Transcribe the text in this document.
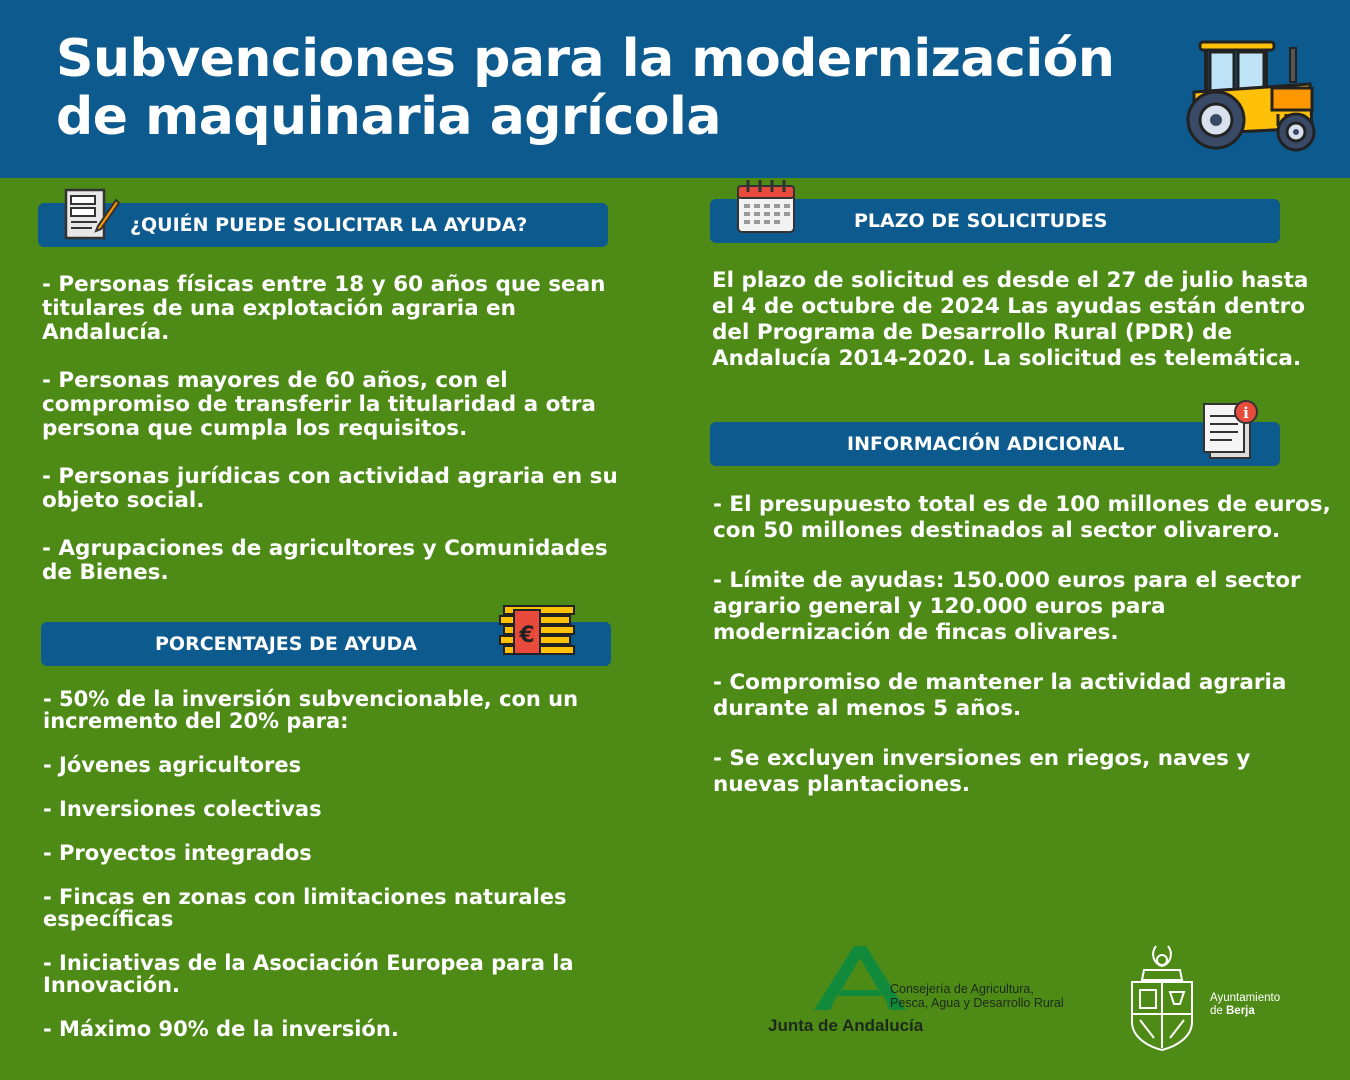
Subvenciones para la modernización
de maquinaria agrícola
¿QUIÉN PUEDE SOLICITAR LA AYUDA?

- Personas físicas entre 18 y 60 años que sean titulares de una explotación agraria en Andalucía.

- Personas mayores de 60 años, con el compromiso de transferir la titularidad a otra persona que cumpla los requisitos.

- Personas jurídicas con actividad agraria en su objeto social.

- Agrupaciones de agricultores y Comunidades de Bienes.

PORCENTAJES DE AYUDA	€

- 50% de la inversión subvencionable, con un incremento del 20% para:

- Jóvenes agricultores

- Inversiones colectivas

- Proyectos integrados

- Fincas en zonas con limitaciones naturales específicas

- Iniciativas de la Asociación Europea para la Innovación.

- Máximo 90% de la inversión.

PLAZO DE SOLICITUDES
El plazo de solicitud es desde el 27 de julio hasta el 4 de octubre de 2024 Las ayudas están dentro del Programa de Desarrollo Rural (PDR) de Andalucía 2014-2020. La solicitud es telemática.
INFORMACIÓN ADICIONAL
i

- El presupuesto total es de 100 millones de euros, con 50 millones destinados al sector olivarero.

- Límite de ayudas: 150.000 euros para el sector agrario general y 120.000 euros para modernización de fincas olivares.

- Compromiso de mantener la actividad agraria durante al menos 5 años.

- Se excluyen inversiones en riegos, naves y nuevas plantaciones.

Consejería de Agricultura,
Pesca, Agua y Desarrollo Rural
Junta de Andalucía
Ayuntamiento
de Berja
